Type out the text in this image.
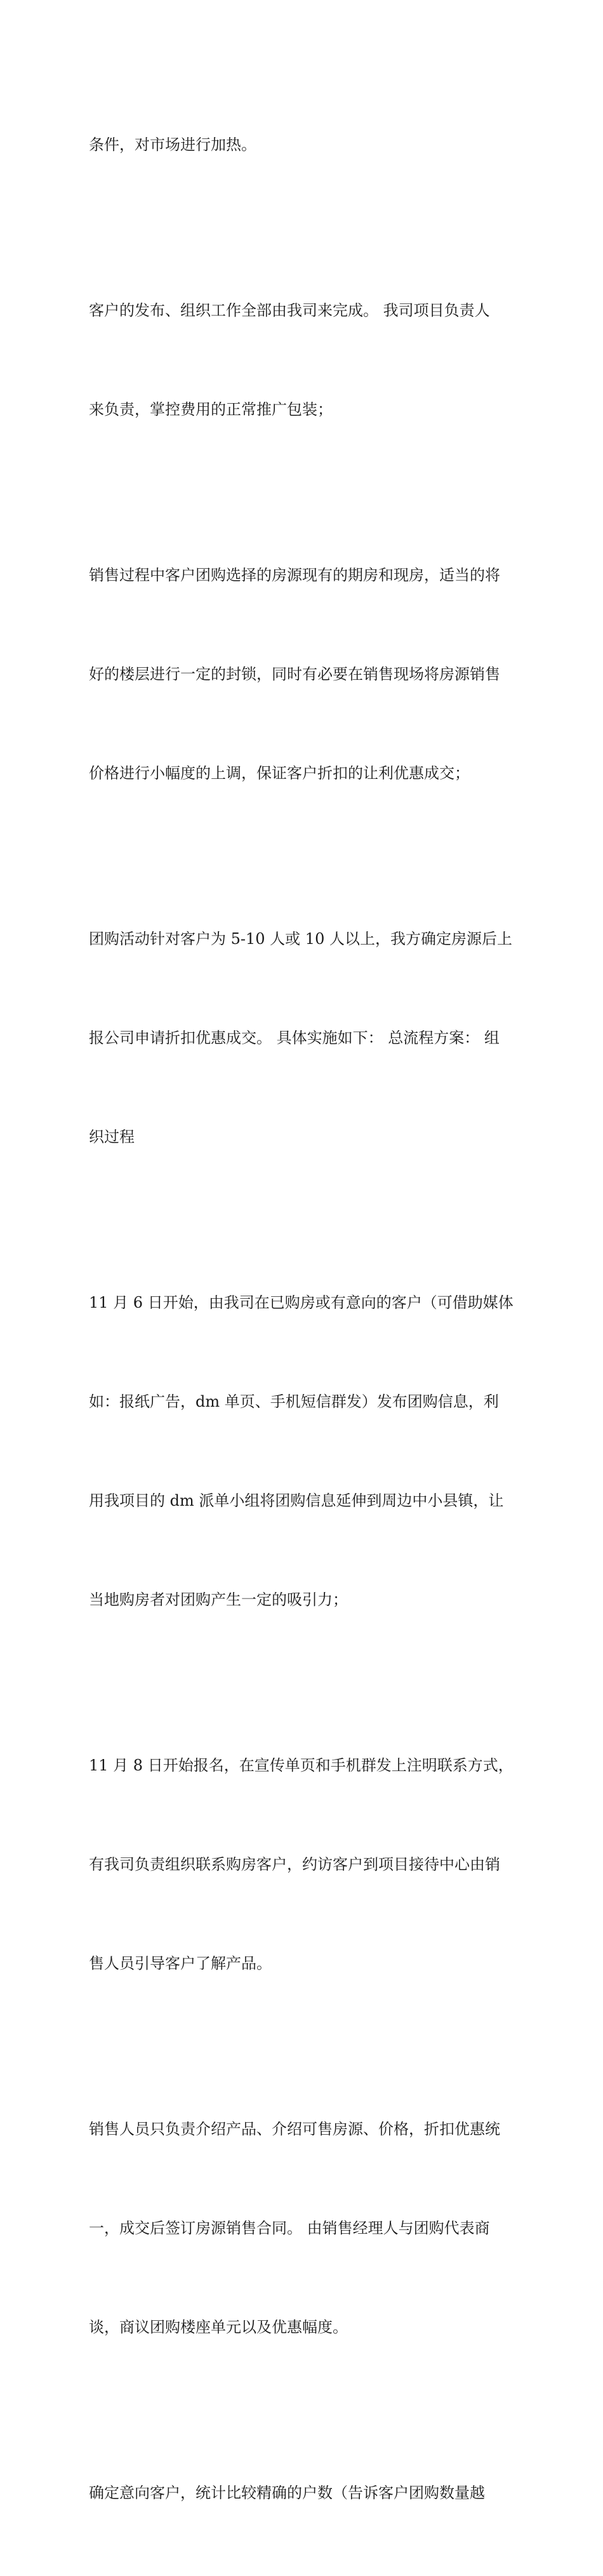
条件，对市场进行加热。

客户的发布、组织工作全部由我司来完成。 我司项目负责人

来负责，掌控费用的正常推广包装；

销售过程中客户团购选择的房源现有的期房和现房，适当的将

好的楼层进行一定的封锁，同时有必要在销售现场将房源销售

价格进行小幅度的上调，保证客户折扣的让利优惠成交；

团购活动针对客户为 5-10 人或 10 人以上，我方确定房源后上

报公司申请折扣优惠成交。 具体实施如下： 总流程方案： 组

织过程

11 月 6 日开始，由我司在已购房或有意向的客户（可借助媒体

如：报纸广告，dm 单页、手机短信群发）发布团购信息，利

用我项目的 dm 派单小组将团购信息延伸到周边中小县镇，让

当地购房者对团购产生一定的吸引力；

11 月 8 日开始报名，在宣传单页和手机群发上注明联系方式，

有我司负责组织联系购房客户，约访客户到项目接待中心由销

售人员引导客户了解产品。

销售人员只负责介绍产品、介绍可售房源、价格，折扣优惠统

一，成交后签订房源销售合同。 由销售经理人与团购代表商

谈，商议团购楼座单元以及优惠幅度。

确定意向客户，统计比较精确的户数（告诉客户团购数量越
